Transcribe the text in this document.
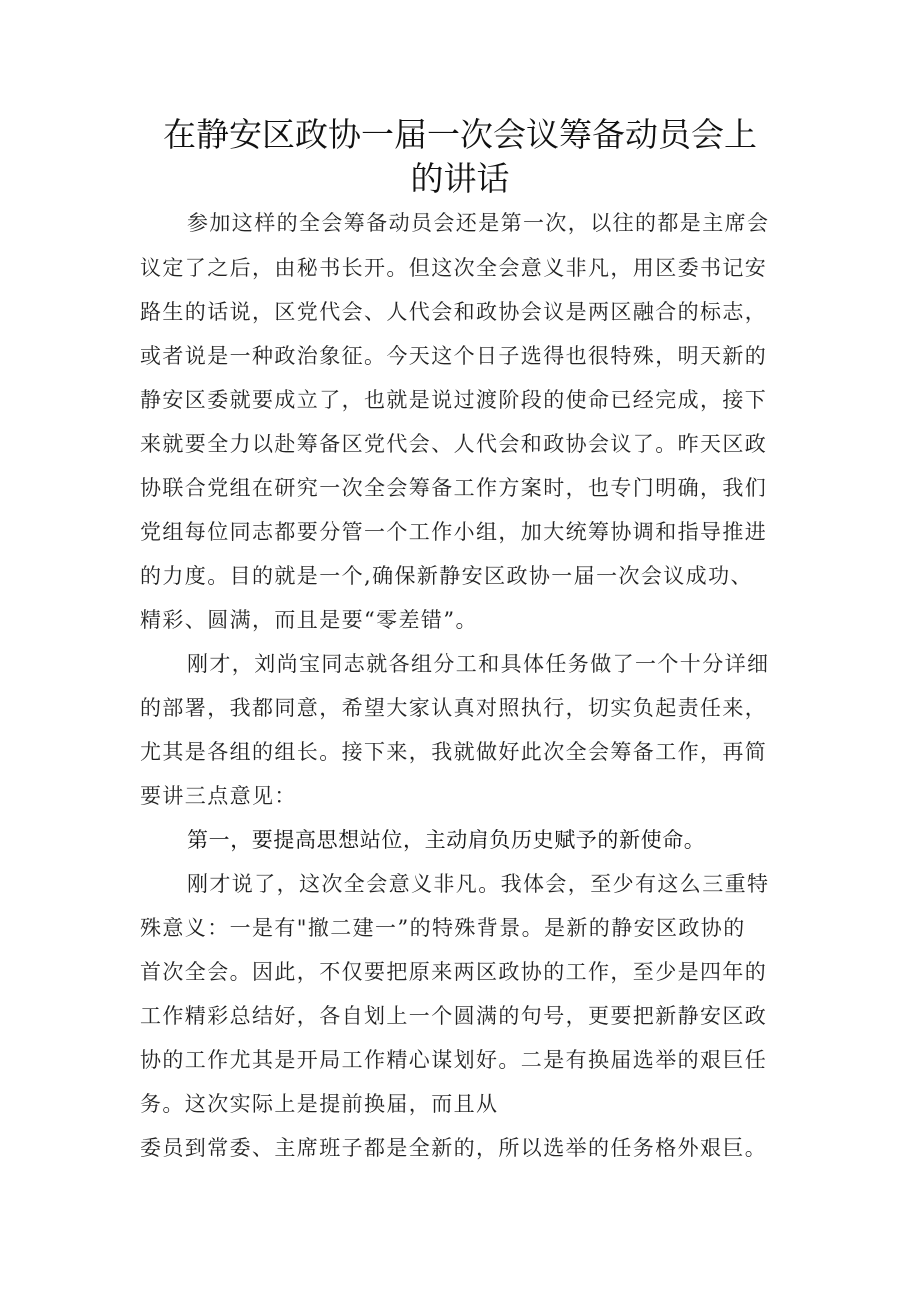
在静安区政协一届一次会议筹备动员会上
的讲话
参加这样的全会筹备动员会还是第一次，以往的都是主席会
议定了之后，由秘书长开。但这次全会意义非凡，用区委书记安
路生的话说，区党代会、人代会和政协会议是两区融合的标志，
或者说是一种政治象征。今天这个日子选得也很特殊，明天新的
静安区委就要成立了，也就是说过渡阶段的使命已经完成，接下
来就要全力以赴筹备区党代会、人代会和政协会议了。昨天区政
协联合党组在研究一次全会筹备工作方案时，也专门明确，我们
党组每位同志都要分管一个工作小组，加大统筹协调和指导推进
的力度。目的就是一个,确保新静安区政协一届一次会议成功、
精彩、圆满，而且是要“零差错”。
刚才，刘尚宝同志就各组分工和具体任务做了一个十分详细
的部署，我都同意，希望大家认真对照执行，切实负起责任来，
尤其是各组的组长。接下来，我就做好此次全会筹备工作，再简
要讲三点意见：
第一，要提高思想站位，主动肩负历史赋予的新使命。
刚才说了，这次全会意义非凡。我体会，至少有这么三重特
殊意义：一是有"撤二建一”的特殊背景。是新的静安区政协的
首次全会。因此，不仅要把原来两区政协的工作，至少是四年的
工作精彩总结好，各自划上一个圆满的句号，更要把新静安区政
协的工作尤其是开局工作精心谋划好。二是有换届选举的艰巨任
务。这次实际上是提前换届，而且从
委员到常委、主席班子都是全新的，所以选举的任务格外艰巨。
